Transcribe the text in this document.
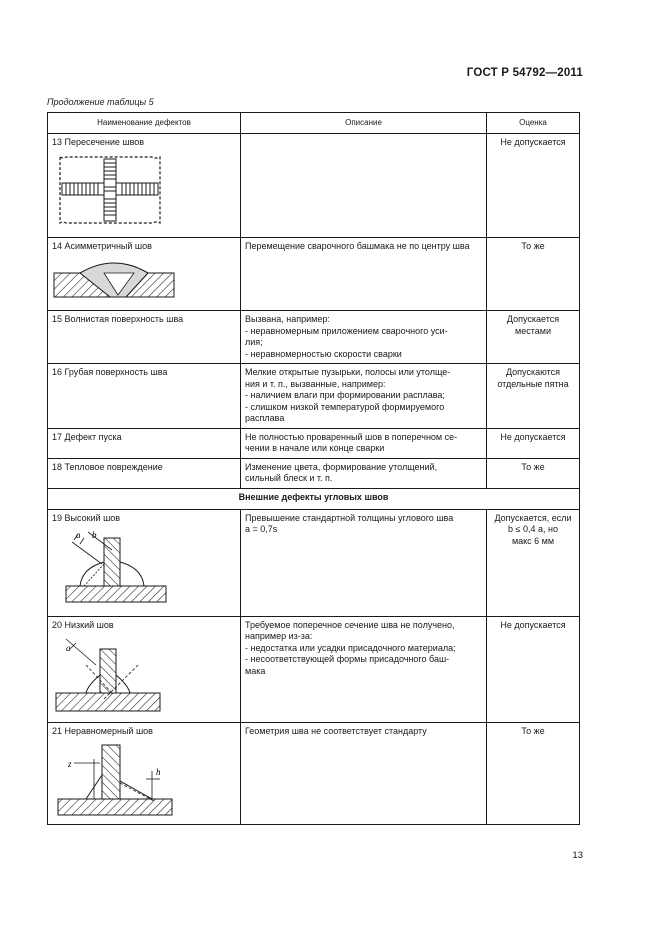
ГОСТ Р 54792—2011
Продолжение таблицы 5
Наименование дефектов	Описание	Оценка

13 Пересечение швов		Не допускается

14 Асимметричный шов	Перемещение сварочного башмака не по центру шва	То же
15 Волнистая поверхность шва	Вызвана, например:
- неравномерным приложением сварочного уси-
лия;
- неравномерностью скорости сварки	Допускается местами
16 Грубая поверхность шва	Мелкие открытые пузырьки, полосы или утолще-
ния и т. п., вызванные, например:
- наличием влаги при формировании расплава;
- слишком низкой температурой формируемого
расплава	Допускаются отдельные пятна
17 Дефект пуска	Не полностью проваренный шов в поперечном се-
чении в начале или конце сварки	Не допускается
18 Тепловое повреждение	Изменение цвета, формирование утолщений,
сильный блеск и т. п.	То же
Внешние дефекты угловых швов		

19 Высокий шов
a b	Превышение стандартной толщины углового шва
a = 0,7s	Допускается, если
b ≤ 0,4 a, но
макс 6 мм

20 Низкий шов
a	Требуемое поперечное сечение шва не получено,
например из-за:
- недостатка или усадки присадочного материала;
- несоответствующей формы присадочного баш-
мака	Не допускается

21 Неравномерный шов
z
h	Геометрия шва не соответствует стандарту	То же
13
